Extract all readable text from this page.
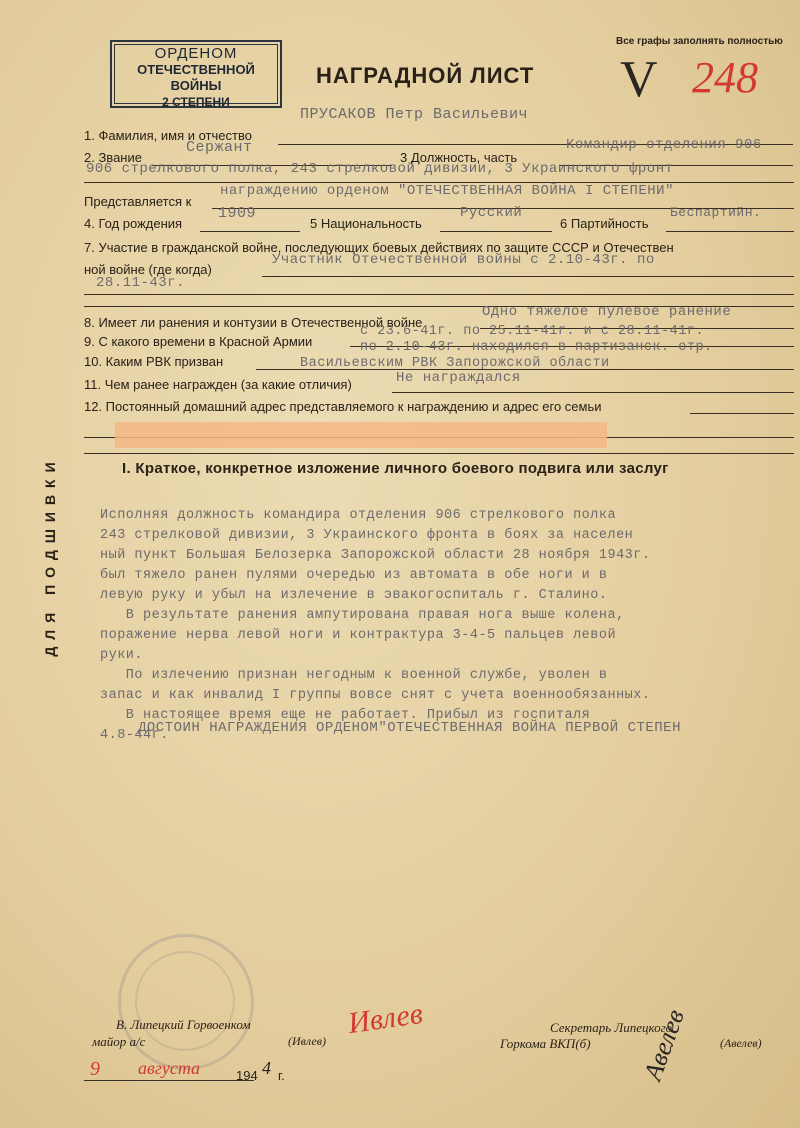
Все графы заполнять полностью
V 248
ОРДЕНОМ
ОТЕЧЕСТВЕННОЙ ВОЙНЫ
2 СТЕПЕНИ
НАГРАДНОЙ ЛИСТ
ПРУСАКОВ Петр Васильевич
1. Фамилия, имя и отчество
2. Звание
Сержант
3 Должность, часть
Командир отделения 906
906 стрелкового полка, 243 стрелковой дивизии, 3 Украинского фронт
Представляется к
награждению орденом "ОТЕЧЕСТВЕННАЯ ВОЙНА I СТЕПЕНИ"
4. Год рождения
1909
5 Национальность
Русский
6 Партийность
Беспартийн.
7. Участие в гражданской войне, последующих боевых действиях по защите СССР и Отечествен
ной войне (где когда)
Участник Отечественной войны с 2.10-43г. по
28.11-43г.
8. Имеет ли ранения и контузии в Отечественной войне
Одно тяжелое пулевое ранение
9. С какого времени в Красной Армии
с 23.6-41г. по 25.11-41г. и с 28.11-41г.
по 2.10-43г. находился в партизанск. отр.
10. Каким РВК призван	Васильевским РВК Запорожской области
11. Чем ранее награжден (за какие отличия)	Не награждался
12. Постоянный домашний адрес представляемого к награждению и адрес его семьи
I. Краткое, конкретное изложение личного боевого подвига или заслуг
Исполняя должность командира отделения 906 стрелкового полка
243 стрелковой дивизии, 3 Украинского фронта в боях за населен
ный пункт Большая Белозерка Запорожской области 28 ноября 1943г.
был тяжело ранен пулями очередью из автомата в обе ноги и в
левую руку и убыл на излечение в эвакогоспиталь г. Сталино.
В результате ранения ампутирована правая нога выше колена,
поражение нерва левой ноги и контрактура 3-4-5 пальцев левой
руки.
По излечению признан негодным к военной службе, уволен в
запас и как инвалид I группы вовсе снят с учета военнообязанных.
В настоящее время еще не работает. Прибыл из госпиталя
4.8-44г.
ДОСТОИН НАГРАЖДЕНИЯ ОРДЕНОМ"ОТЕЧЕСТВЕННАЯ ВОЙНА ПЕРВОЙ СТЕПЕН
ДЛЯ ПОДШИВКИ
В. Липецкий Горвоенком
майор а/с	(Ивлев)
Ивлев
9 августа	194 4 г.
Секретарь Липецкого
Горкома ВКП(б)	(Авелев)
Авелев
